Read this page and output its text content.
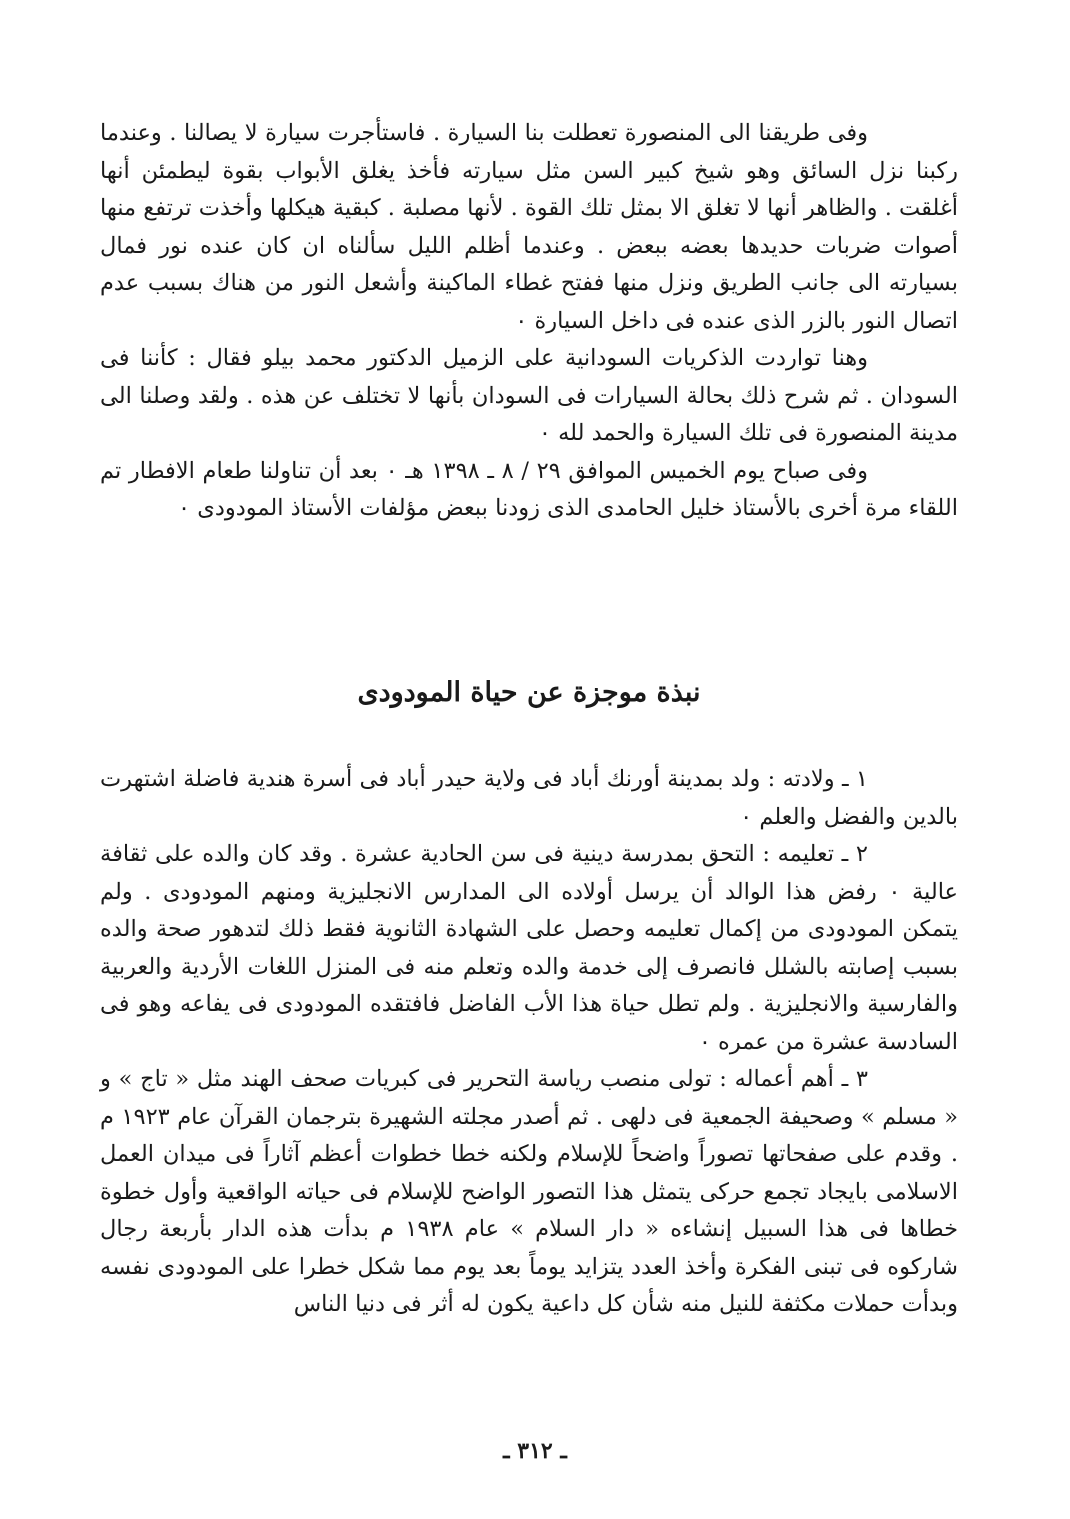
وفى طريقنا الى المنصورة تعطلت بنا السيارة . فاستأجرت سيارة لا يصالنا . وعندما ركبنا نزل السائق وهو شيخ كبير السن مثل سيارته فأخذ يغلق الأبواب بقوة ليطمئن أنها أغلقت . والظاهر أنها لا تغلق الا بمثل تلك القوة . لأنها مصلبة . كبقية هيكلها وأخذت ترتفع منها أصوات ضربات حديدها بعضه ببعض . وعندما أظلم الليل سألناه ان كان عنده نور فمال بسيارته الى جانب الطريق ونزل منها ففتح غطاء الماكينة وأشعل النور من هناك بسبب عدم اتصال النور بالزر الذى عنده فى داخل السيارة ٠

وهنا تواردت الذكريات السودانية على الزميل الدكتور محمد بيلو فقال : كأننا فى السودان . ثم شرح ذلك بحالة السيارات فى السودان بأنها لا تختلف عن هذه . ولقد وصلنا الى مدينة المنصورة فى تلك السيارة والحمد لله ٠

وفى صباح يوم الخميس الموافق ٢٩ / ٨ ـ ١٣٩٨ هـ ٠ بعد أن تناولنا طعام الافطار تم اللقاء مرة أخرى بالأستاذ خليل الحامدى الذى زودنا ببعض مؤلفات الأستاذ المودودى ٠

نبذة موجزة عن حياة المودودى

١ ـ ولادته : ولد بمدينة أورنك أباد فى ولاية حيدر أباد فى أسرة هندية فاضلة اشتهرت بالدين والفضل والعلم ٠

٢ ـ تعليمه : التحق بمدرسة دينية فى سن الحادية عشرة . وقد كان والده على ثقافة عالية ٠ رفض هذا الوالد أن يرسل أولاده الى المدارس الانجليزية ومنهم المودودى . ولم يتمكن المودودى من إكمال تعليمه وحصل على الشهادة الثانوية فقط ذلك لتدهور صحة والده بسبب إصابته بالشلل فانصرف إلى خدمة والده وتعلم منه فى المنزل اللغات الأردية والعربية والفارسية والانجليزية . ولم تطل حياة هذا الأب الفاضل فافتقده المودودى فى يفاعه وهو فى السادسة عشرة من عمره ٠

٣ ـ أهم أعماله : تولى منصب رياسة التحرير فى كبريات صحف الهند مثل « تاج » و « مسلم » وصحيفة الجمعية فى دلهى . ثم أصدر مجلته الشهيرة بترجمان القرآن عام ١٩٢٣ م . وقدم على صفحاتها تصوراً واضحاً للإسلام ولكنه خطا خطوات أعظم آثاراً فى ميدان العمل الاسلامى بايجاد تجمع حركى يتمثل هذا التصور الواضح للإسلام فى حياته الواقعية وأول خطوة خطاها فى هذا السبيل إنشاءه « دار السلام » عام ١٩٣٨ م بدأت هذه الدار بأربعة رجال شاركوه فى تبنى الفكرة وأخذ العدد يتزايد يوماً بعد يوم مما شكل خطرا على المودودى نفسه وبدأت حملات مكثفة للنيل منه شأن كل داعية يكون له أثر فى دنيا الناس

ـ ٣١٢ ـ
